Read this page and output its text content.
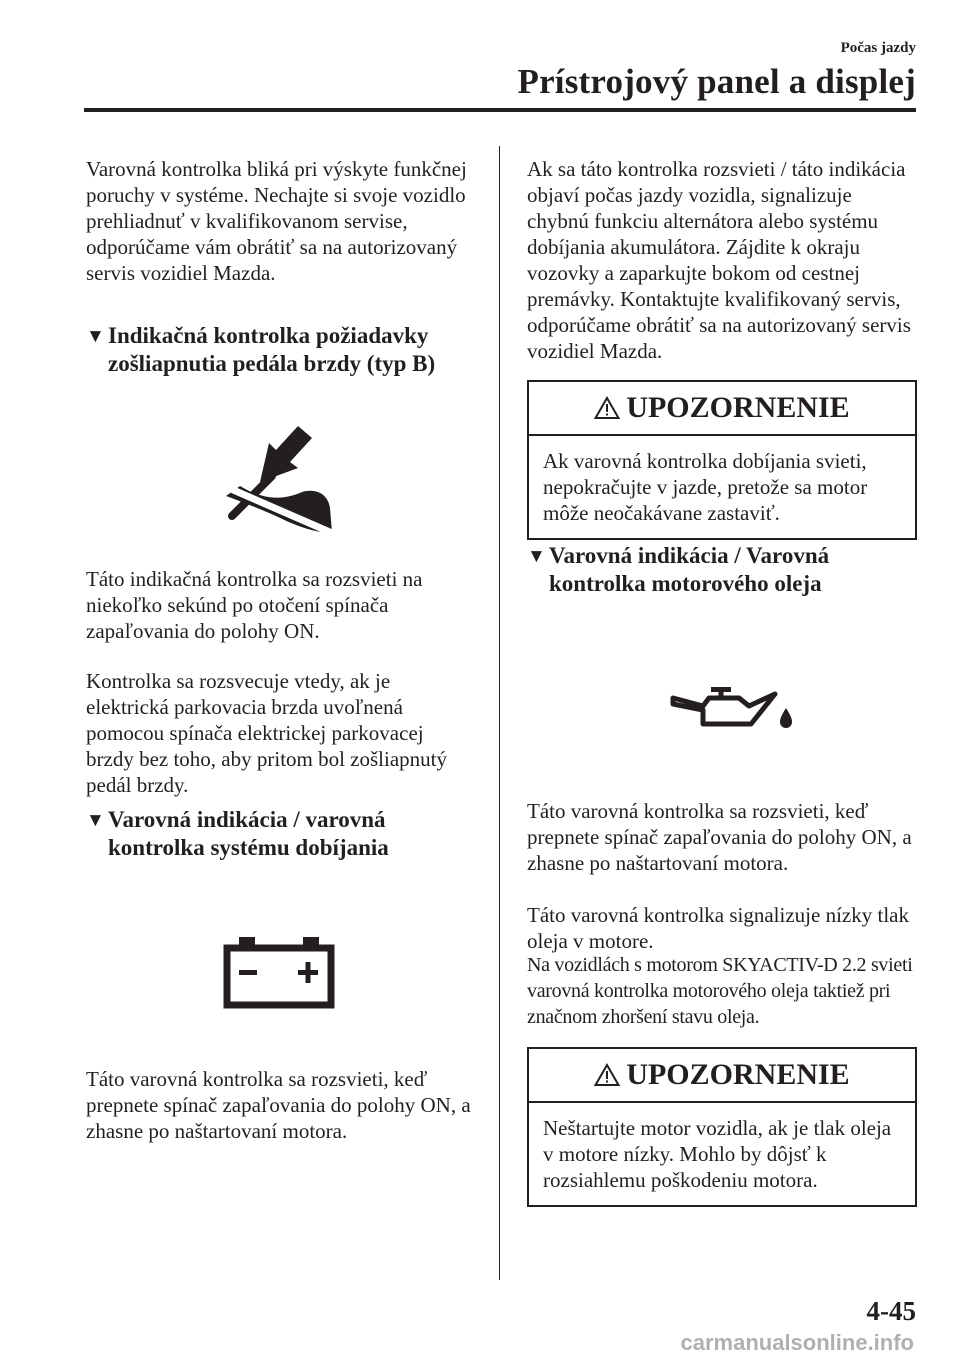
Počas jazdy
Prístrojový panel a displej

Varovná kontrolka bliká pri výskyte funkčnej poruchy v systéme. Nechajte si svoje vozidlo prehliadnuť v kvalifikovanom servise, odporúčame vám obrátiť sa na autorizovaný servis vozidiel Mazda.

▼ Indikačná kontrolka požiadavky zošliapnutia pedála brzdy (typ B)

Táto indikačná kontrolka sa rozsvieti na niekoľko sekúnd po otočení spínača zapaľovania do polohy ON.

Kontrolka sa rozsvecuje vtedy, ak je elektrická parkovacia brzda uvoľnená pomocou spínača elektrickej parkovacej brzdy bez toho, aby pritom bol zošliapnutý pedál brzdy.

▼ Varovná indikácia / varovná kontrolka systému dobíjania

Táto varovná kontrolka sa rozsvieti, keď prepnete spínač zapaľovania do polohy ON, a zhasne po naštartovaní motora.

Ak sa táto kontrolka rozsvieti / táto indikácia objaví počas jazdy vozidla, signalizuje chybnú funkciu alternátora alebo systému dobíjania akumulátora. Zájdite k okraju vozovky a zaparkujte bokom od cestnej premávky. Kontaktujte kvalifikovaný servis, odporúčame obrátiť sa na autorizovaný servis vozidiel Mazda.

UPOZORNENIE
Ak varovná kontrolka dobíjania svieti, nepokračujte v jazde, pretože sa motor môže neočakávane zastaviť.
▼ Varovná indikácia / Varovná kontrolka motorového oleja

Táto varovná kontrolka sa rozsvieti, keď prepnete spínač zapaľovania do polohy ON, a zhasne po naštartovaní motora.

Táto varovná kontrolka signalizuje nízky tlak oleja v motore.

Na vozidlách s motorom SKYACTIV-D 2.2 svieti varovná kontrolka motorového oleja taktiež pri značnom zhoršení stavu oleja.

UPOZORNENIE
Neštartujte motor vozidla, ak je tlak oleja v motore nízky. Mohlo by dôjsť k rozsiahlemu poškodeniu motora.
4-45
carmanualsonline.info
